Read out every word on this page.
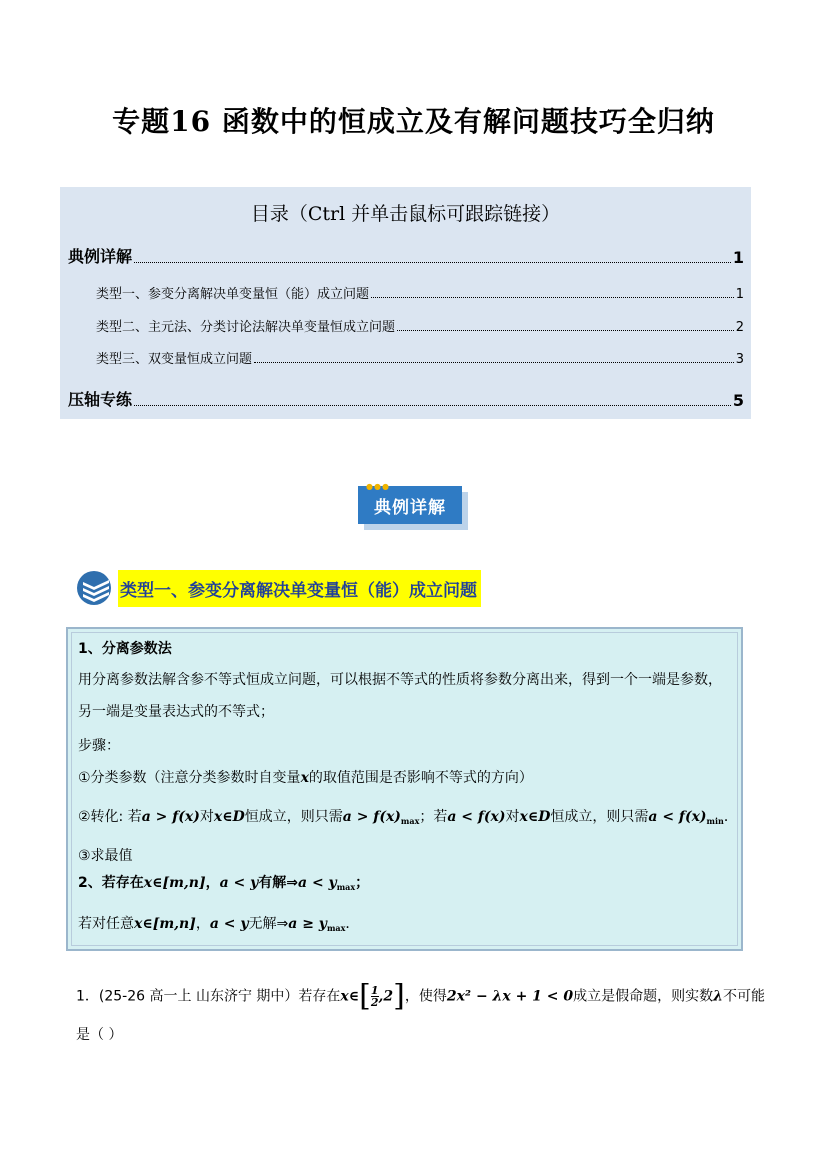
专题16 函数中的恒成立及有解问题技巧全归纳
目录（Ctrl 并单击鼠标可跟踪链接）
典例详解	1
类型一、参变分离解决单变量恒（能）成立问题	1
类型二、主元法、分类讨论法解决单变量恒成立问题	2
类型三、双变量恒成立问题	3
压轴专练	5
典例详解
●●●
类型一、参变分离解决单变量恒（能）成立问题
1、分离参数法
用分离参数法解含参不等式恒成立问题，可以根据不等式的性质将参数分离出来，得到一个一端是参数，
另一端是变量表达式的不等式；
步骤：
①分类参数（注意分类参数时自变量x的取值范围是否影响不等式的方向）
②转化: 若a > f(x)对x∈D恒成立，则只需$a > f(x)_{max}$；若a < f(x)对x∈D恒成立，则只需$a < f(x)_{min}$．
③求最值
2、若存在x∈[m,n]，a < y有解⇒a < $y_{max}$；
若对任意x∈[m,n]，a < y无解⇒a ≥ $y_{max}$．
1．(25-26 高一上 山东济宁 期中）若存在x∈[ $\frac{1}{2} ,2$]，使得2x² − λx + 1 < 0成立是假命题，则实数λ不可能
是（ ）
